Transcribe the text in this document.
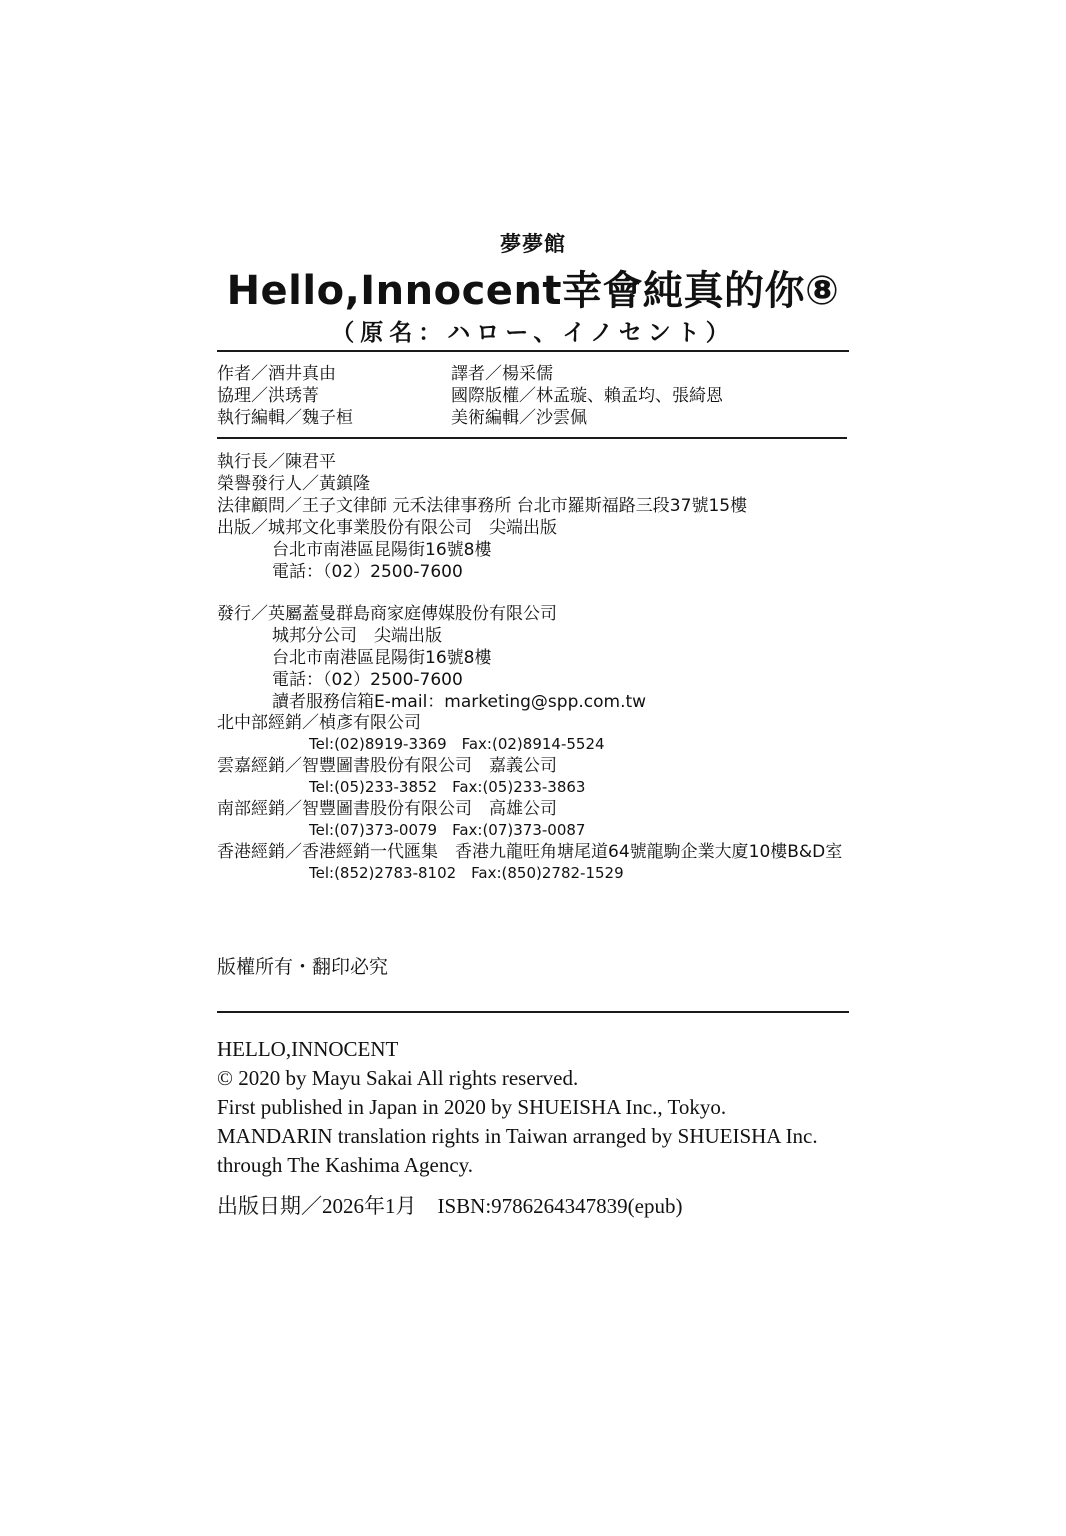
夢夢館
Hello,Innocent幸會純真的你⑧
（原名：ハロー、イノセント）
作者／酒井真由
協理／洪琇菁
執行編輯／魏子桓
譯者／楊采儒
國際版權／林孟璇、賴孟均、張綺恩
美術編輯／沙雲佩
執行長／陳君平
榮譽發行人／黃鎮隆
法律顧問／王子文律師 元禾法律事務所 台北市羅斯福路三段37號15樓
出版／城邦文化事業股份有限公司　尖端出版
台北市南港區昆陽街16號8樓
電話：（02）2500-7600
發行／英屬蓋曼群島商家庭傳媒股份有限公司
城邦分公司　尖端出版
台北市南港區昆陽街16號8樓
電話：（02）2500-7600
讀者服務信箱E-mail：marketing@spp.com.tw
北中部經銷／楨彥有限公司
Tel:(02)8919-3369　Fax:(02)8914-5524
雲嘉經銷／智豐圖書股份有限公司　嘉義公司
Tel:(05)233-3852　Fax:(05)233-3863
南部經銷／智豐圖書股份有限公司　高雄公司
Tel:(07)373-0079　Fax:(07)373-0087
香港經銷／香港經銷一代匯集　香港九龍旺角塘尾道64號龍駒企業大廈10樓B&D室
Tel:(852)2783-8102　Fax:(850)2782-1529
版權所有・翻印必究
HELLO,INNOCENT
© 2020 by Mayu Sakai All rights reserved.
First published in Japan in 2020 by SHUEISHA Inc., Tokyo.
MANDARIN translation rights in Taiwan arranged by SHUEISHA Inc.
through The Kashima Agency.
出版日期／2026年1月　ISBN:9786264347839(epub)
